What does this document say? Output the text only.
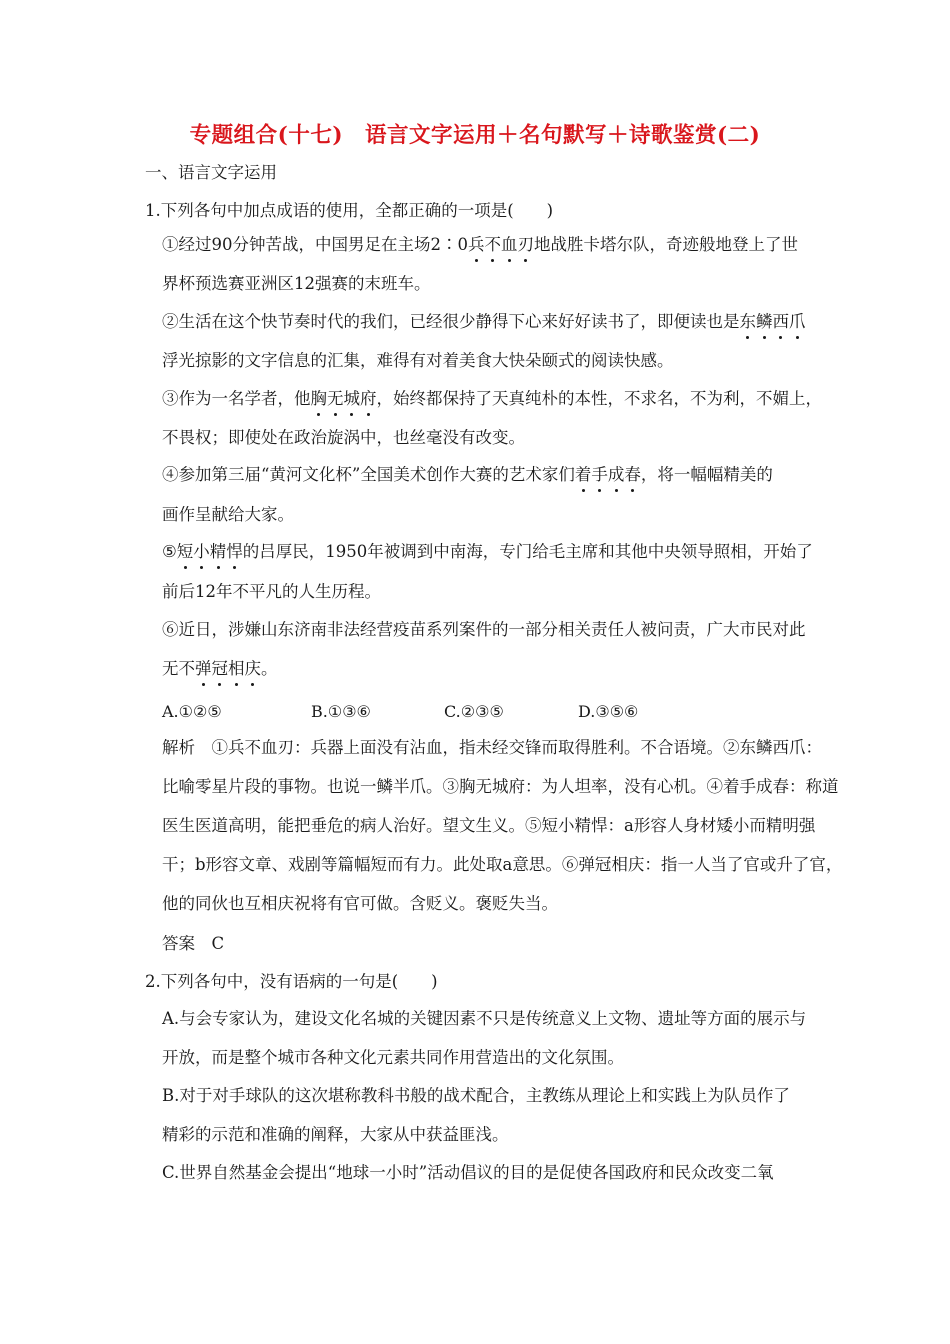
专题组合(十七)　语言文字运用＋名句默写＋诗歌鉴赏(二)
一、语言文字运用
1.下列各句中加点成语的使用，全都正确的一项是(　　)
①经过90分钟苦战，中国男足在主场2∶0兵不血刃地战胜卡塔尔队，奇迹般地登上了世
界杯预选赛亚洲区12强赛的末班车。
②生活在这个快节奏时代的我们，已经很少静得下心来好好读书了，即便读也是东鳞西爪
浮光掠影的文字信息的汇集，难得有对着美食大快朵颐式的阅读快感。
③作为一名学者，他胸无城府，始终都保持了天真纯朴的本性，不求名，不为利，不媚上，
不畏权；即使处在政治旋涡中，也丝毫没有改变。
④参加第三届“黄河文化杯”全国美术创作大赛的艺术家们着手成春，将一幅幅精美的
画作呈献给大家。
⑤短小精悍的吕厚民，1950年被调到中南海，专门给毛主席和其他中央领导照相，开始了
前后12年不平凡的人生历程。
⑥近日，涉嫌山东济南非法经营疫苗系列案件的一部分相关责任人被问责，广大市民对此
无不弹冠相庆。
A.①②⑤	B.①③⑥	C.②③⑤	D.③⑤⑥
解析　①兵不血刃：兵器上面没有沾血，指未经交锋而取得胜利。不合语境。②东鳞西爪：
比喻零星片段的事物。也说一鳞半爪。③胸无城府：为人坦率，没有心机。④着手成春：称道
医生医道高明，能把垂危的病人治好。望文生义。⑤短小精悍：a形容人身材矮小而精明强
干；b形容文章、戏剧等篇幅短而有力。此处取a意思。⑥弹冠相庆：指一人当了官或升了官，
他的同伙也互相庆祝将有官可做。含贬义。褒贬失当。
答案　C
2.下列各句中，没有语病的一句是(　　)
A.与会专家认为，建设文化名城的关键因素不只是传统意义上文物、遗址等方面的展示与
开放，而是整个城市各种文化元素共同作用营造出的文化氛围。
B.对于对手球队的这次堪称教科书般的战术配合，主教练从理论上和实践上为队员作了
精彩的示范和准确的阐释，大家从中获益匪浅。
C.世界自然基金会提出“地球一小时”活动倡议的目的是促使各国政府和民众改变二氧
